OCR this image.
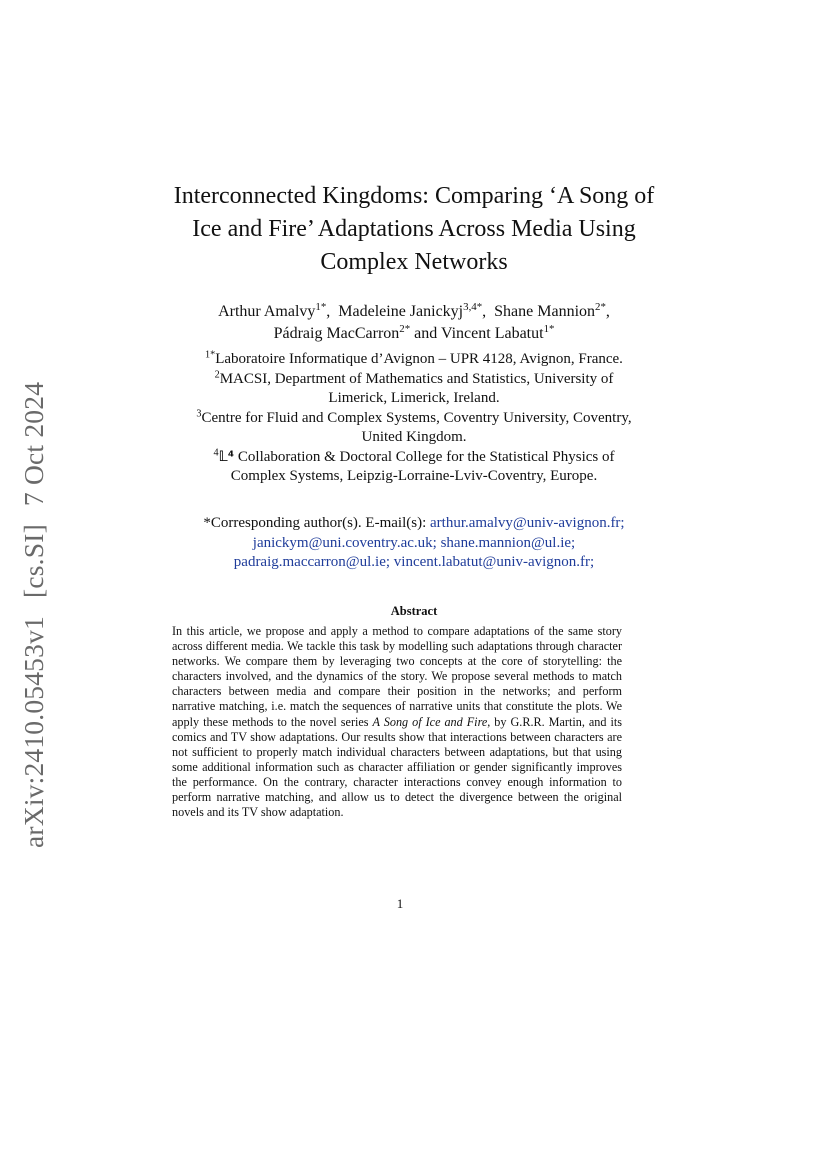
arXiv:2410.05453v1[cs.SI]7 Oct 2024
Interconnected Kingdoms: Comparing ‘A Song of
Ice and Fire’ Adaptations Across Media Using
Complex Networks
Arthur Amalvy$^{1*}$,  Madeleine Janickyj$^{3,4*}$,  Shane Mannion$^{2*}$,
Pádraig MacCarron$^{2*}$ and Vincent Labatut$^{1*}$
$^{1*}$Laboratoire Informatique d’Avignon – UPR 4128, Avignon, France.
$^2$MACSI, Department of Mathematics and Statistics, University of
Limerick, Limerick, Ireland.
$^3$Centre for Fluid and Complex Systems, Coventry University, Coventry,
United Kingdom.
$^4$𝕃⁴ Collaboration & Doctoral College for the Statistical Physics of
Complex Systems, Leipzig-Lorraine-Lviv-Coventry, Europe.
*Corresponding author(s). E-mail(s): arthur.amalvy@univ-avignon.fr;
janickym@uni.coventry.ac.uk; shane.mannion@ul.ie;
padraig.maccarron@ul.ie; vincent.labatut@univ-avignon.fr;
Abstract
In this article, we propose and apply a method to compare adaptations of the same story across different media. We tackle this task by modelling such adaptations through character networks. We compare them by leveraging two concepts at the core of storytelling: the characters involved, and the dynamics of the story. We propose several methods to match characters between media and compare their position in the networks; and perform narrative matching, i.e. match the sequences of narrative units that constitute the plots. We apply these methods to the novel series A Song of Ice and Fire, by G.R.R. Martin, and its comics and TV show adaptations. Our results show that interactions between characters are not sufficient to properly match individual characters between adaptations, but that using some additional information such as character affiliation or gender significantly improves the performance. On the contrary, character interactions convey enough information to perform narrative matching, and allow us to detect the divergence between the original novels and its TV show adaptation.
1
